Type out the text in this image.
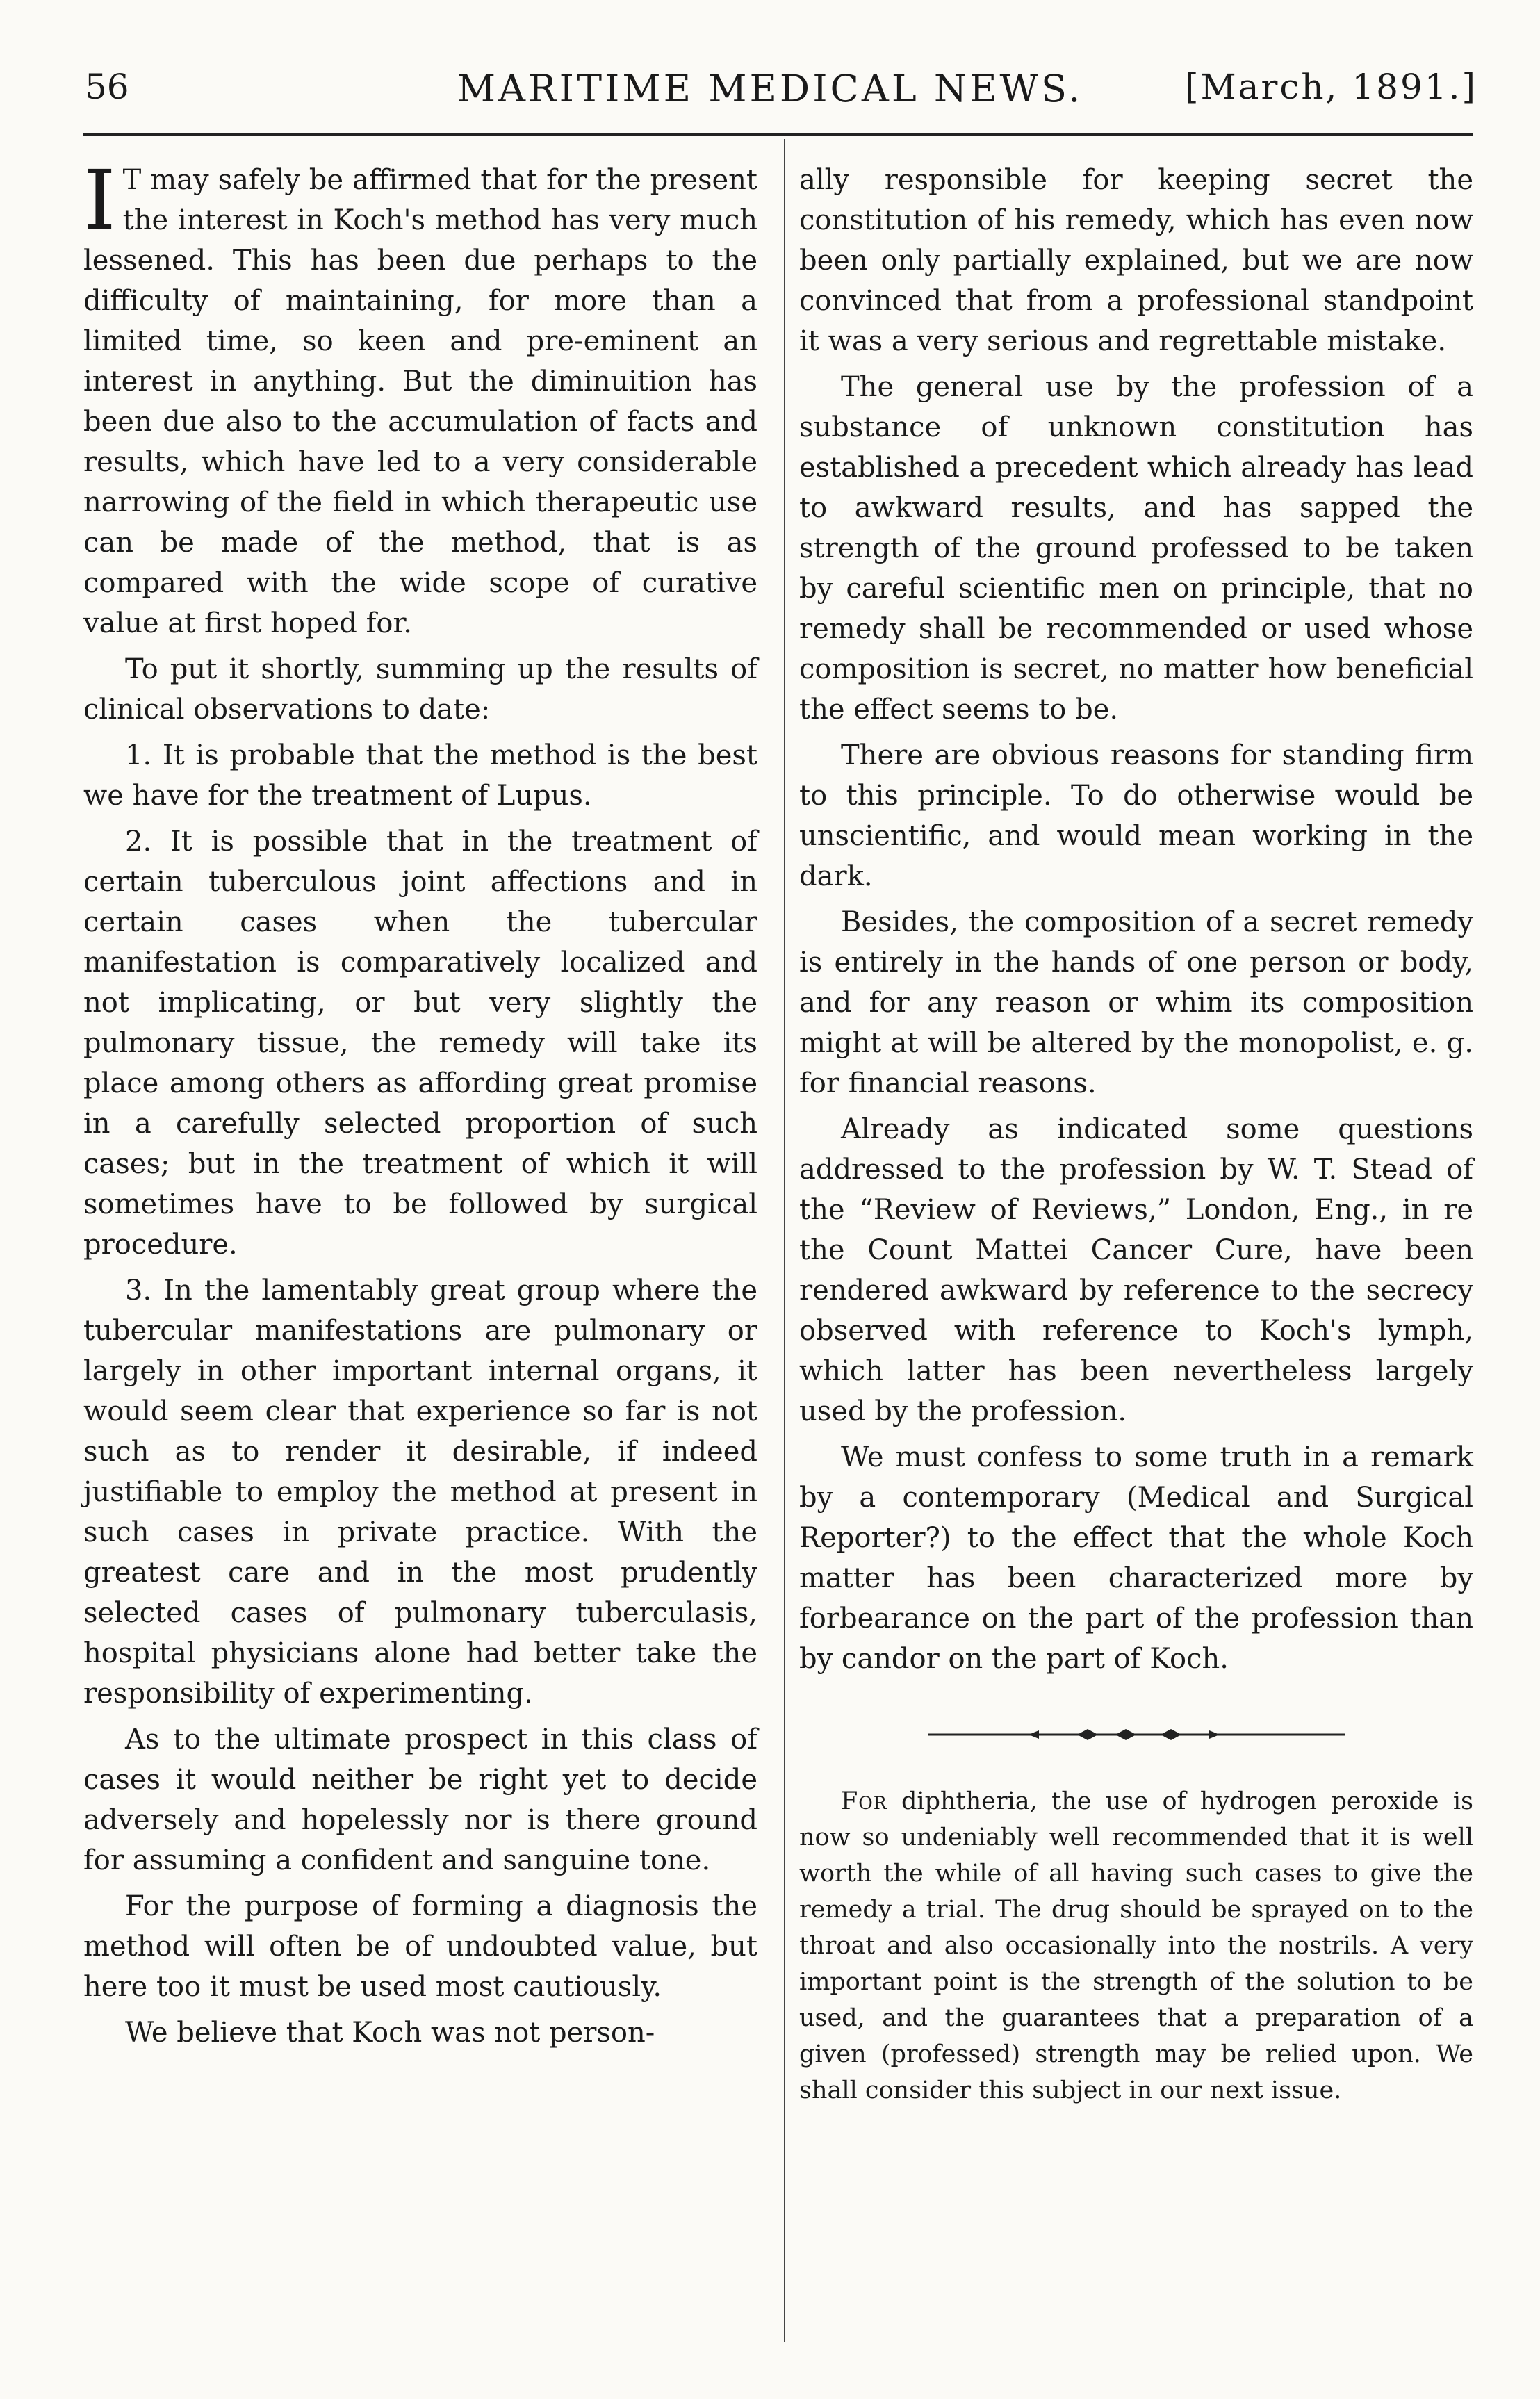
56	MARITIME MEDICAL NEWS.	[March, 1891.]

I T may safely be affirmed that for the present the interest in Koch's method has very much lessened. This has been due perhaps to the difficulty of maintaining, for more than a limited time, so keen and pre-eminent an interest in anything. But the diminuition has been due also to the accumulation of facts and results, which have led to a very considerable narrowing of the field in which therapeutic use can be made of the method, that is as compared with the wide scope of curative value at first hoped for.

To put it shortly, summing up the results of clinical observations to date:

1. It is probable that the method is the best we have for the treatment of Lupus.

2. It is possible that in the treatment of certain tuberculous joint affections and in certain cases when the tubercular manifestation is comparatively localized and not implicating, or but very slightly the pulmonary tissue, the remedy will take its place among others as affording great promise in a carefully selected proportion of such cases; but in the treatment of which it will sometimes have to be followed by surgical procedure.

3. In the lamentably great group where the tubercular manifestations are pulmonary or largely in other important internal organs, it would seem clear that experience so far is not such as to render it desirable, if indeed justifiable to employ the method at present in such cases in private practice. With the greatest care and in the most prudently selected cases of pulmonary tuberculasis, hospital physicians alone had better take the responsibility of experimenting.

As to the ultimate prospect in this class of cases it would neither be right yet to decide adversely and hopelessly nor is there ground for assuming a confident and sanguine tone.

For the purpose of forming a diagnosis the method will often be of undoubted value, but here too it must be used most cautiously.

We believe that Koch was not person-

ally responsible for keeping secret the constitution of his remedy, which has even now been only partially explained, but we are now convinced that from a professional standpoint it was a very serious and regrettable mistake.

The general use by the profession of a substance of unknown constitution has established a precedent which already has lead to awkward results, and has sapped the strength of the ground professed to be taken by careful scientific men on principle, that no remedy shall be recommended or used whose composition is secret, no matter how beneficial the effect seems to be.

There are obvious reasons for standing firm to this principle. To do otherwise would be unscientific, and would mean working in the dark.

Besides, the composition of a secret remedy is entirely in the hands of one person or body, and for any reason or whim its composition might at will be altered by the monopolist, e. g. for financial reasons.

Already as indicated some questions addressed to the profession by W. T. Stead of the “Review of Reviews,” London, Eng., in re the Count Mattei Cancer Cure, have been rendered awkward by reference to the secrecy observed with reference to Koch's lymph, which latter has been nevertheless largely used by the profession.

We must confess to some truth in a remark by a contemporary (Medical and Surgical Reporter?) to the effect that the whole Koch matter has been characterized more by forbearance on the part of the profession than by candor on the part of Koch.

For diphtheria, the use of hydrogen peroxide is now so undeniably well recommended that it is well worth the while of all having such cases to give the remedy a trial. The drug should be sprayed on to the throat and also occasionally into the nostrils. A very important point is the strength of the solution to be used, and the guarantees that a preparation of a given (professed) strength may be relied upon. We shall consider this subject in our next issue.
